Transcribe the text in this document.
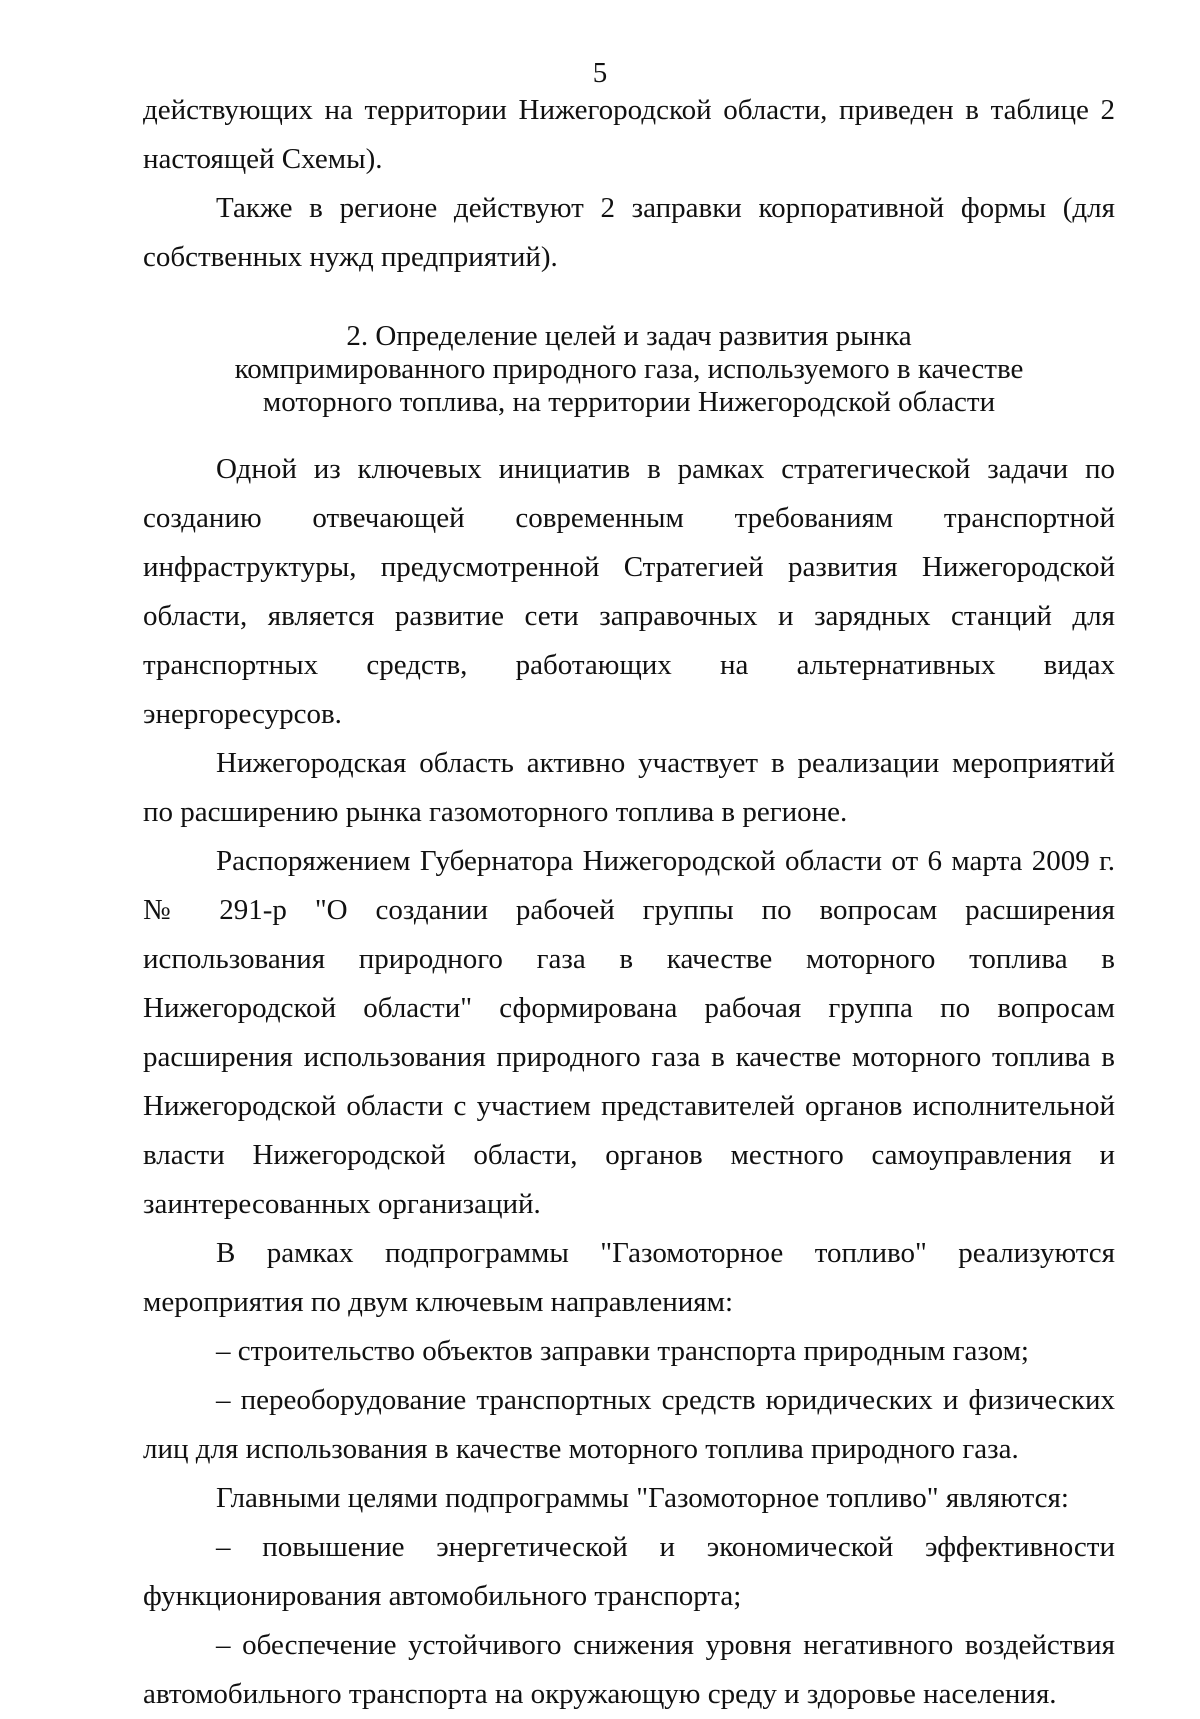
5

действующих на территории Нижегородской области, приведен в таблице 2 настоящей Схемы).

Также в регионе действуют 2 заправки корпоративной формы (для собственных нужд предприятий).

2. Определение целей и задач развития рынка
компримированного природного газа, используемого в качестве
моторного топлива, на территории Нижегородской области

Одной из ключевых инициатив в рамках стратегической задачи по созданию отвечающей современным требованиям транспортной инфраструктуры, предусмотренной Стратегией развития Нижегородской области, является развитие сети заправочных и зарядных станций для транспортных средств, работающих на альтернативных видах энергоресурсов.

Нижегородская область активно участвует в реализации мероприятий по расширению рынка газомоторного топлива в регионе.

Распоряжением Губернатора Нижегородской области от 6 марта 2009 г. № 291-р "О создании рабочей группы по вопросам расширения использования природного газа в качестве моторного топлива в Нижегородской области" сформирована рабочая группа по вопросам расширения использования природного газа в качестве моторного топлива в Нижегородской области с участием представителей органов исполнительной власти Нижегородской области, органов местного самоуправления и заинтересованных организаций.

В рамках подпрограммы "Газомоторное топливо" реализуются мероприятия по двум ключевым направлениям:

– строительство объектов заправки транспорта природным газом;

– переоборудование транспортных средств юридических и физических лиц для использования в качестве моторного топлива природного газа.

Главными целями подпрограммы "Газомоторное топливо" являются:

– повышение энергетической и экономической эффективности функционирования автомобильного транспорта;

– обеспечение устойчивого снижения уровня негативного воздействия автомобильного транспорта на окружающую среду и здоровье населения.
